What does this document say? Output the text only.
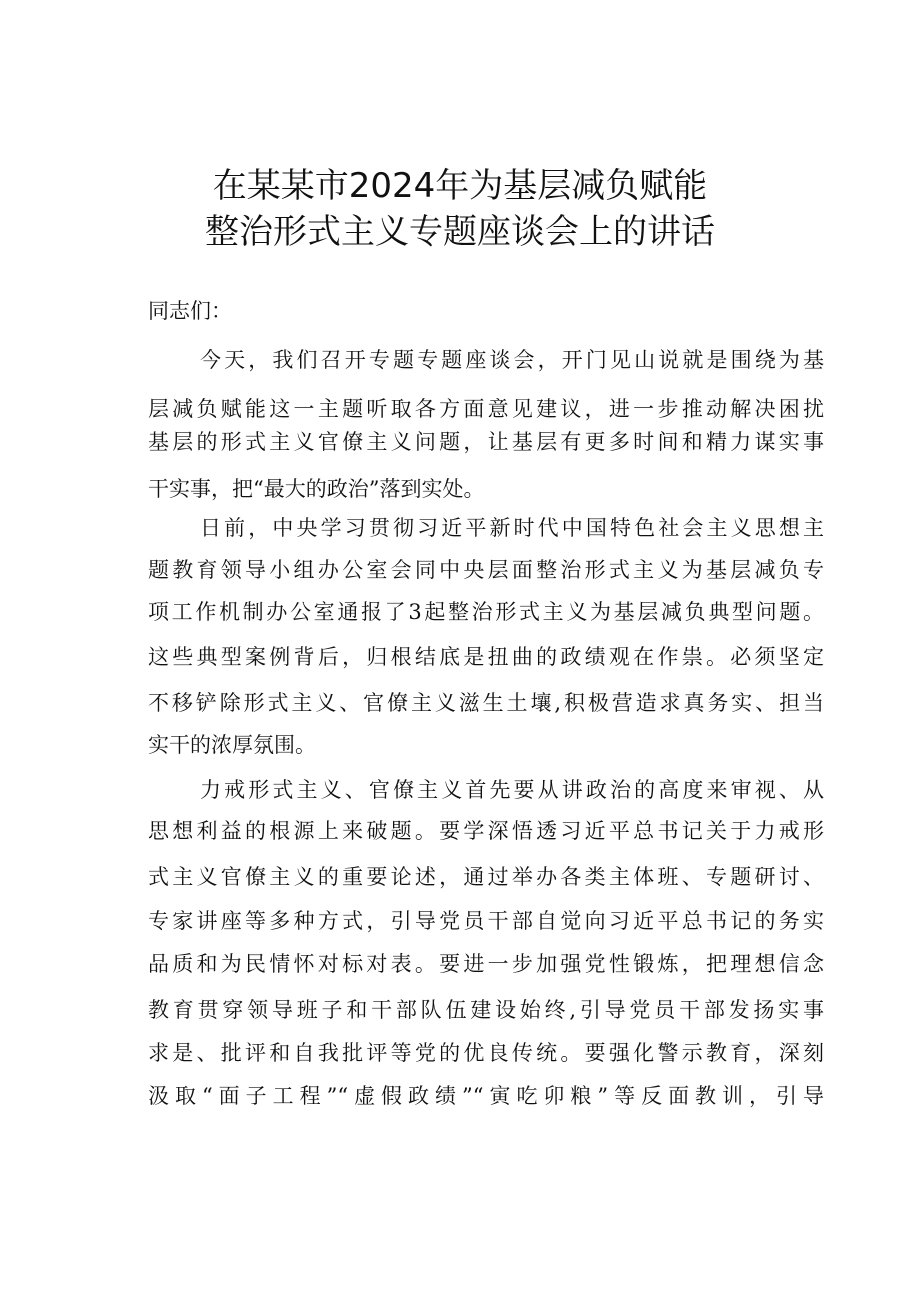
在某某市2024年为基层减负赋能
整治形式主义专题座谈会上的讲话
同志们：
今天，我们召开专题专题座谈会，开门见山说就是围绕为基
层减负赋能这一主题听取各方面意见建议，进一步推动解决困扰
基层的形式主义官僚主义问题，让基层有更多时间和精力谋实事
干实事，把“最大的政治”落到实处。
日前，中央学习贯彻习近平新时代中国特色社会主义思想主
题教育领导小组办公室会同中央层面整治形式主义为基层减负专
项工作机制办公室通报了3起整治形式主义为基层减负典型问题。
这些典型案例背后，归根结底是扭曲的政绩观在作祟。必须坚定
不移铲除形式主义、官僚主义滋生土壤,积极营造求真务实、担当
实干的浓厚氛围。
力戒形式主义、官僚主义首先要从讲政治的高度来审视、从
思想利益的根源上来破题。要学深悟透习近平总书记关于力戒形
式主义官僚主义的重要论述，通过举办各类主体班、专题研讨、
专家讲座等多种方式，引导党员干部自觉向习近平总书记的务实
品质和为民情怀对标对表。要进一步加强党性锻炼，把理想信念
教育贯穿领导班子和干部队伍建设始终,引导党员干部发扬实事
求是、批评和自我批评等党的优良传统。要强化警示教育，深刻
汲取“面子工程”“虚假政绩”“寅吃卯粮”等反面教训，引导
